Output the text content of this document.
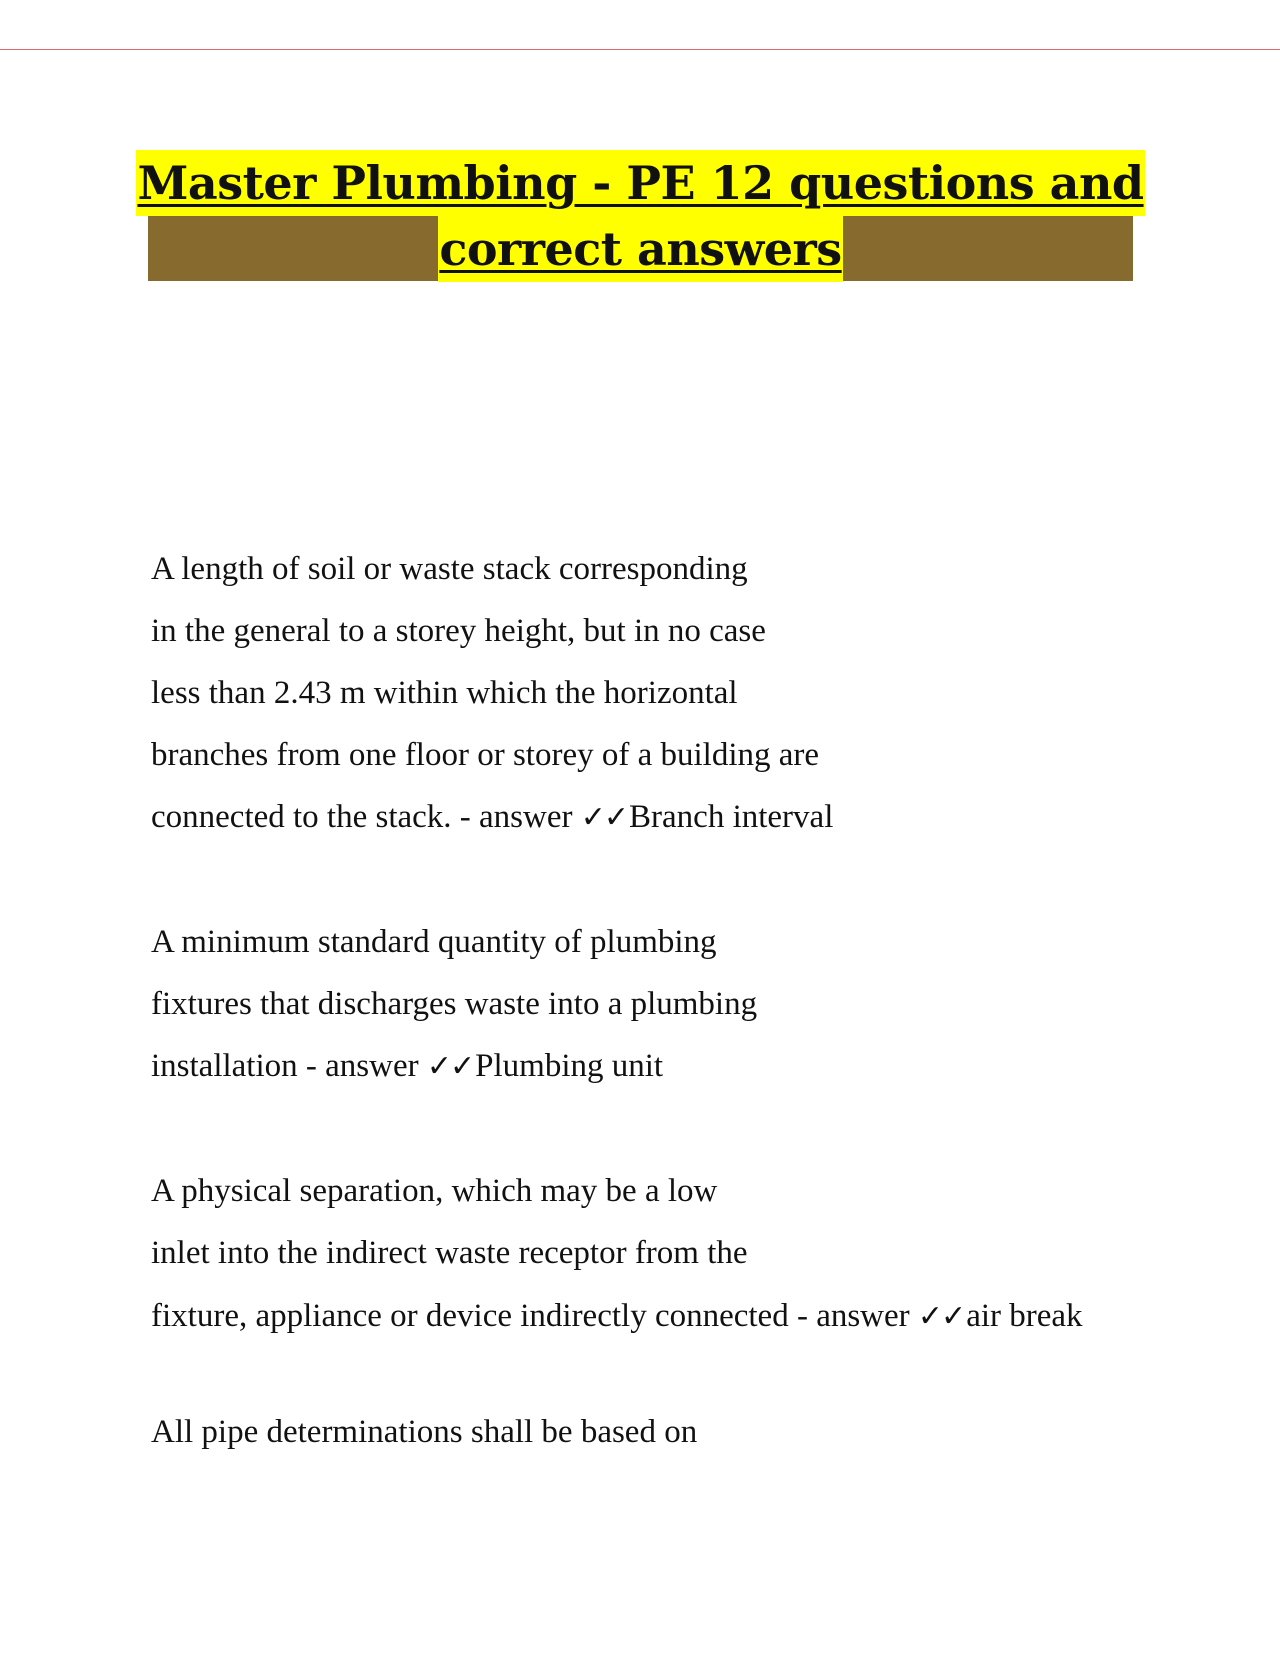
Master Plumbing - PE 12 questions and
correct answers
A length of soil or waste stack corresponding
in the general to a storey height, but in no case
less than 2.43 m within which the horizontal
branches from one floor or storey of a building are
connected to the stack. - answer ✓✓Branch interval
A minimum standard quantity of plumbing
fixtures that discharges waste into a plumbing
installation - answer ✓✓Plumbing unit
A physical separation, which may be a low
inlet into the indirect waste receptor from the
fixture, appliance or device indirectly connected - answer ✓✓air break
All pipe determinations shall be based on
